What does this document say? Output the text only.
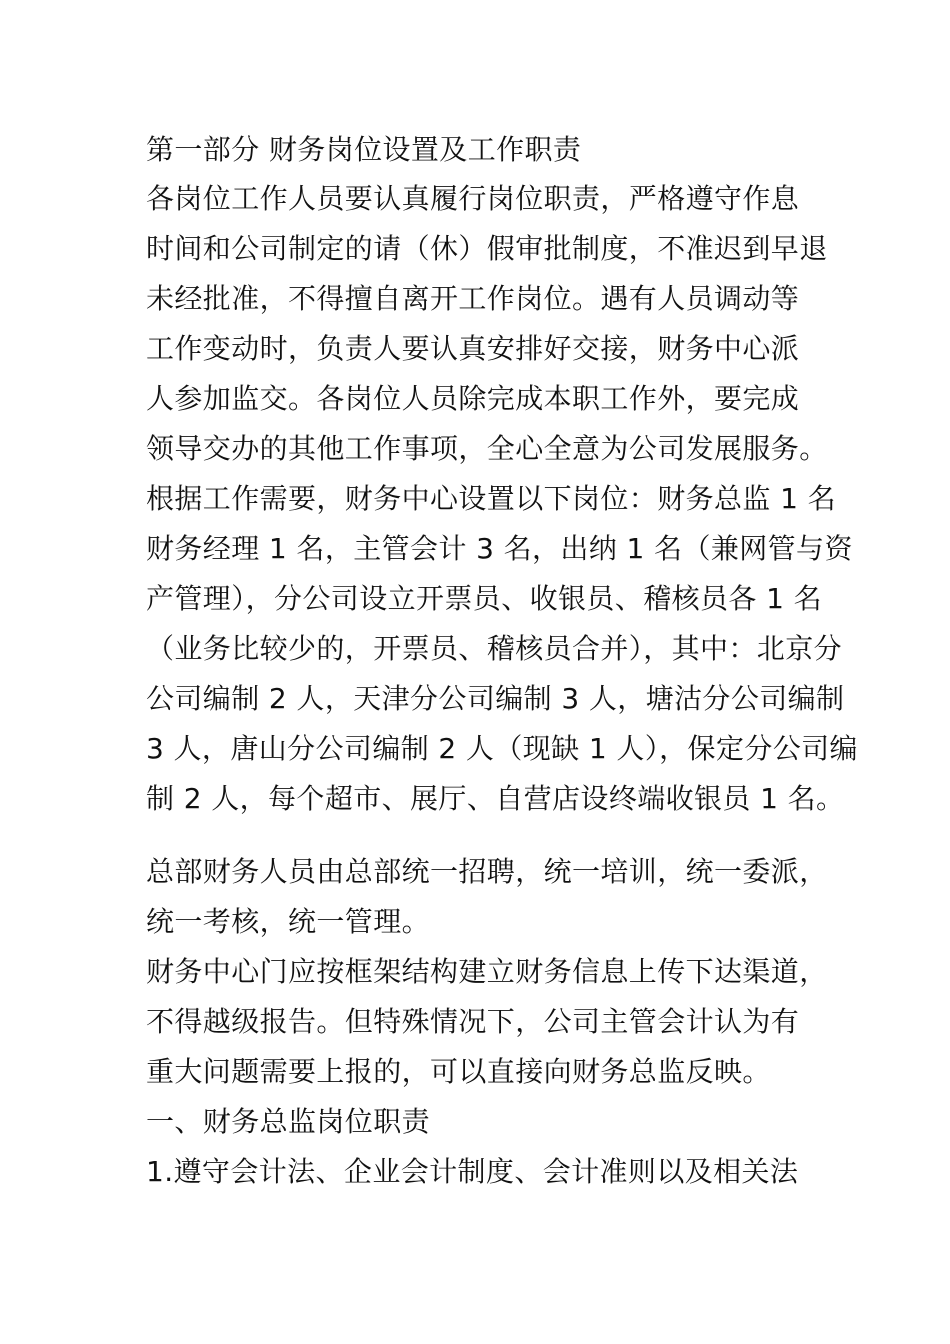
第一部分 财务岗位设置及工作职责
各岗位工作人员要认真履行岗位职责，严格遵守作息
时间和公司制定的请（休）假审批制度，不准迟到早退
未经批准，不得擅自离开工作岗位。遇有人员调动等
工作变动时，负责人要认真安排好交接，财务中心派
人参加监交。各岗位人员除完成本职工作外，要完成
领导交办的其他工作事项，全心全意为公司发展服务。
根据工作需要，财务中心设置以下岗位：财务总监 1 名
财务经理 1 名，主管会计 3 名，出纳 1 名（兼网管与资
产管理），分公司设立开票员、收银员、稽核员各 1 名
（业务比较少的，开票员、稽核员合并），其中：北京分
公司编制 2 人，天津分公司编制 3 人，塘沽分公司编制
3 人，唐山分公司编制 2 人（现缺 1 人），保定分公司编
制 2 人，每个超市、展厅、自营店设终端收银员 1 名。
总部财务人员由总部统一招聘，统一培训，统一委派，
统一考核，统一管理。
财务中心门应按框架结构建立财务信息上传下达渠道，
不得越级报告。但特殊情况下，公司主管会计认为有
重大问题需要上报的，可以直接向财务总监反映。
一、财务总监岗位职责
1.遵守会计法、企业会计制度、会计准则以及相关法
